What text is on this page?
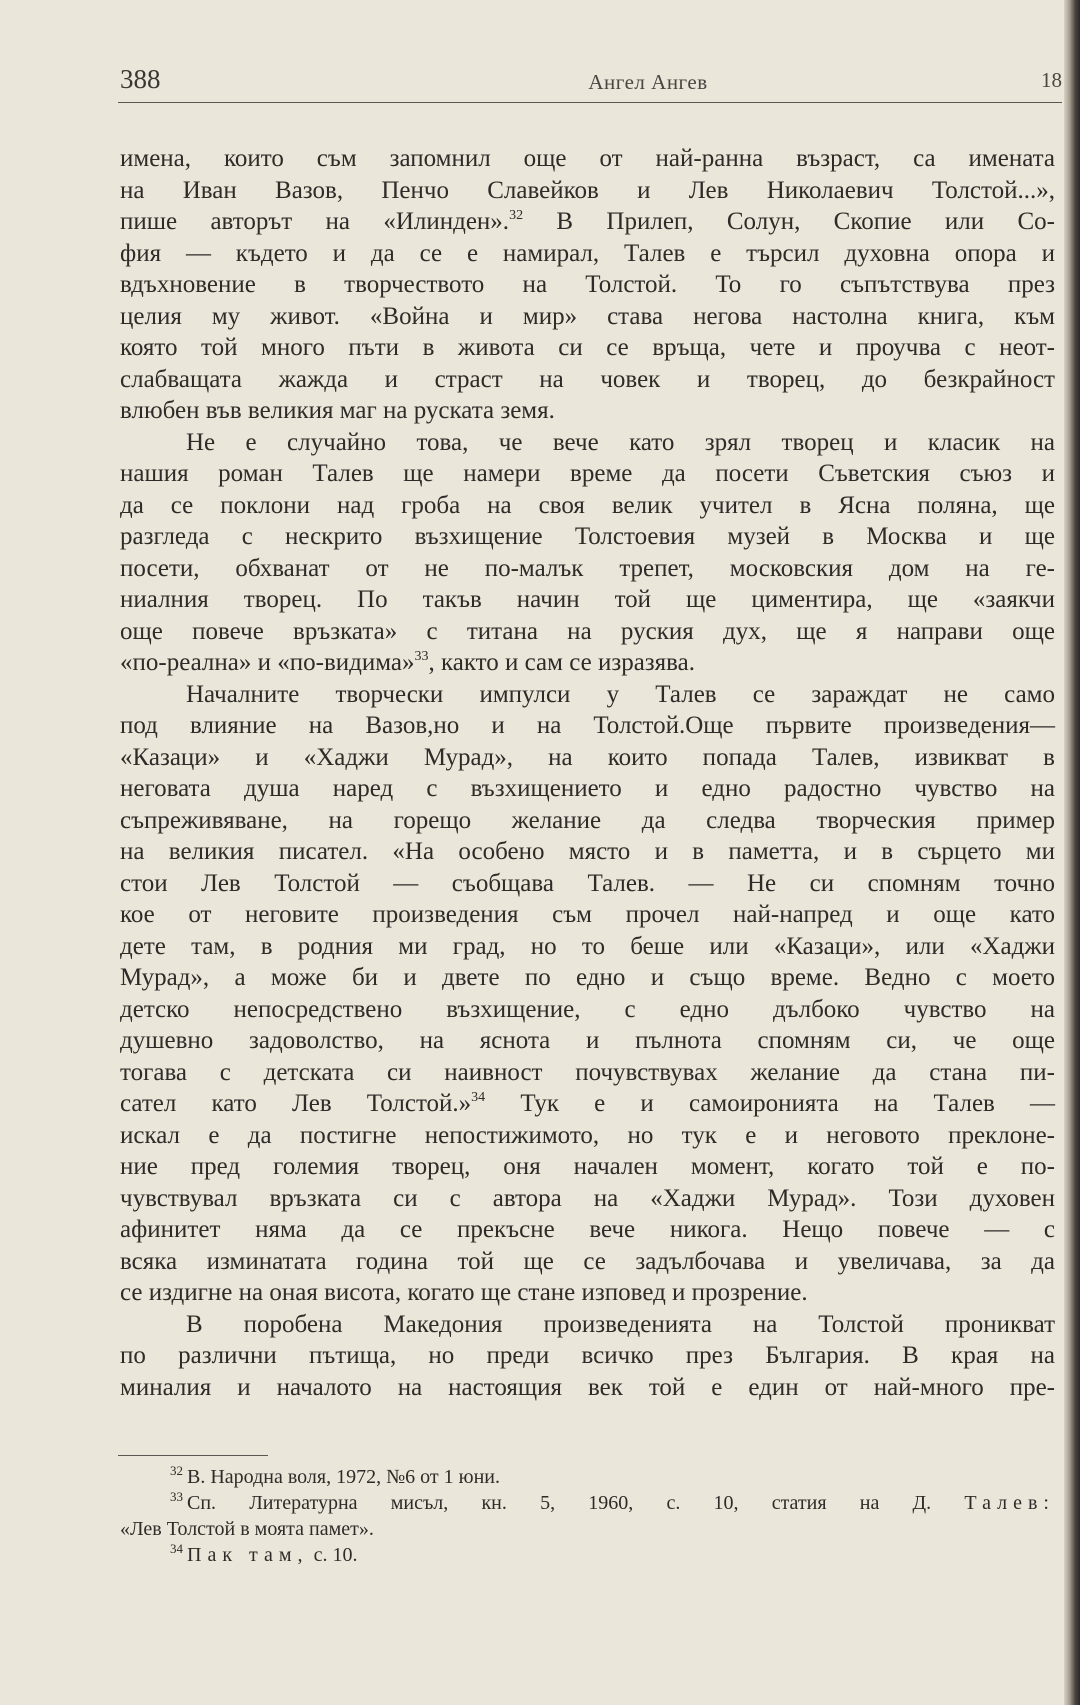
388	Ангел Ангев	18
имена, които съм запомнил още от най-ранна възраст, са имената
на Иван Вазов, Пенчо Славейков и Лев Николаевич Толстой...»,
пише авторът на «Илинден».$^{32}$ В Прилеп, Солун, Скопие или Со-
фия — където и да се е намирал, Талев е търсил духовна опора и
вдъхновение в творчеството на Толстой. То го съпътствува през
целия му живот. «Война и мир» става негова настолна книга, към
която той много пъти в живота си се връща, чете и проучва с неот-
слабващата жажда и страст на човек и творец, до безкрайност
влюбен във великия маг на руската земя.
Не е случайно това, че вече като зрял творец и класик на
нашия роман Талев ще намери време да посети Съветския съюз и
да се поклони над гроба на своя велик учител в Ясна поляна, ще
разгледа с нескрито възхищение Толстоевия музей в Москва и ще
посети, обхванат от не по-малък трепет, московския дом на ге-
ниалния творец. По такъв начин той ще циментира, ще «заякчи
още повече връзката» с титана на руския дух, ще я направи още
«по-реална» и «по-видима»$^{33}$, както и сам се изразява.
Началните творчески импулси у Талев се зараждат не само
под влияние на Вазов,но и на Толстой.Още първите произведения—
«Казаци» и «Хаджи Мурад», на които попада Талев, извикват в
неговата душа наред с възхищението и едно радостно чувство на
съпреживяване, на горещо желание да следва творческия пример
на великия писател. «На особено място и в паметта, и в сърцето ми
стои Лев Толстой — съобщава Талев. — Не си спомням точно
кое от неговите произведения съм прочел най-напред и още като
дете там, в родния ми град, но то беше или «Казаци», или «Хаджи
Мурад», а може би и двете по едно и също време. Ведно с моето
детско непосредствено възхищение, с едно дълбоко чувство на
душевно задоволство, на яснота и пълнота спомням си, че още
тогава с детската си наивност почувствувах желание да стана пи-
сател като Лев Толстой.»$^{34}$ Тук е и самоиронията на Талев —
искал е да постигне непостижимото, но тук е и неговото преклоне-
ние пред големия творец, оня начален момент, когато той е по-
чувствувал връзката си с автора на «Хаджи Мурад». Този духовен
афинитет няма да се прекъсне вече никога. Нещо повече — с
всяка изминатата година той ще се задълбочава и увеличава, за да
се издигне на оная висота, когато ще стане изповед и прозрение.
В поробена Македония произведенията на Толстой проникват
по различни пътища, но преди всичко през България. В края на
миналия и началото на настоящия век той е един от най-много пре-
$^{32}$ В. Народна воля, 1972, №6 от 1 юни.
$^{33}$ Сп. Литературна мисъл, кн. 5, 1960, с. 10, статия на Д. Талев:
«Лев Толстой в моята памет».
$^{34}$ Пак там, с. 10.
